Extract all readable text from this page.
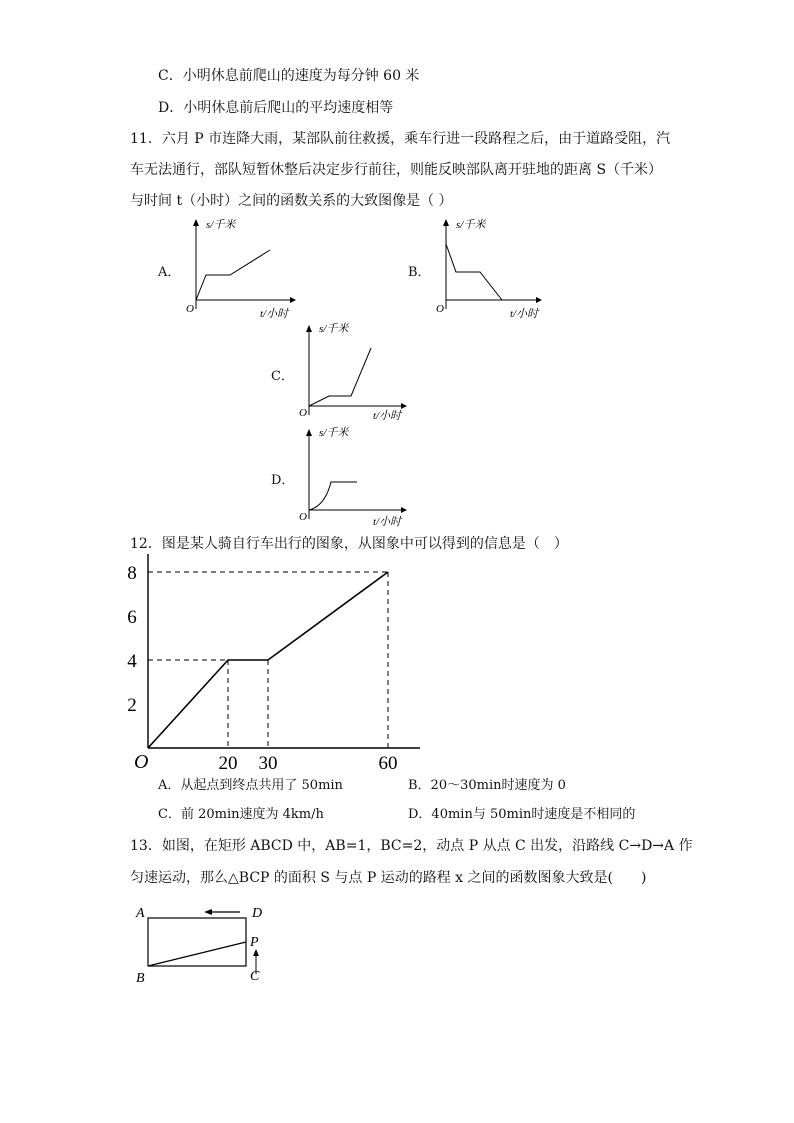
C．小明休息前爬山的速度为每分钟 60 米
D．小明休息前后爬山的平均速度相等
11．六月 P 市连降大雨，某部队前往救援，乘车行进一段路程之后，由于道路受阻，汽
车无法通行，部队短暂休整后决定步行前往，则能反映部队离开驻地的距离 S（千米）
与时间 t（小时）之间的函数关系的大致图像是（ ）
A．
s/千米
O	t/小时
B．
s/千米
O	t/小时
C．
s/千米
O	t/小时
D．
s/千米
O	t/小时
12．图是某人骑自行车出行的图象，从图象中可以得到的信息是（　）
20 30	60
2
4
6
8
O
A．从起点到终点共用了 50min	B．20～30min时速度为 0
C．前 20min速度为 4km/h	D．40min与 50min时速度是不相同的
13．如图，在矩形 ABCD 中，AB=1，BC=2，动点 P 从点 C 出发，沿路线 C→D→A 作
匀速运动，那么△BCP 的面积 S 与点 P 运动的路程 x 之间的函数图象大致是(　　)
A	D
B	C
P
